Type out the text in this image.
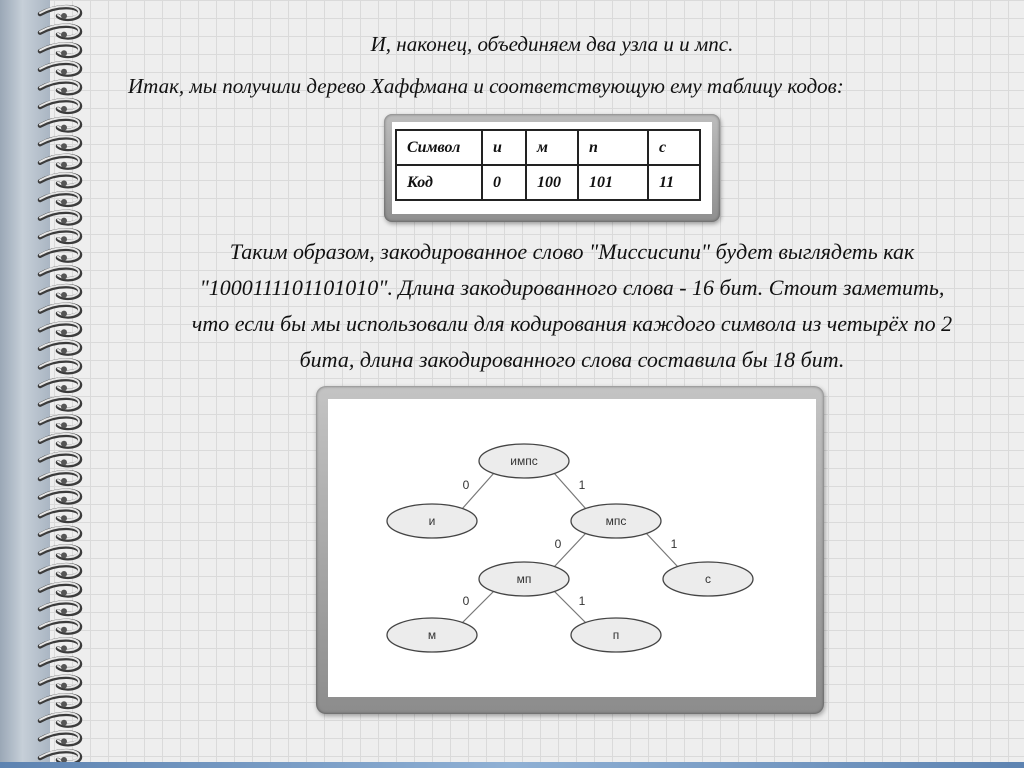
И, наконец, объединяем два узла и и мпс.

Итак, мы получили дерево Хаффмана и соответствующую ему таблицу кодов:

Символ	и	м	п	с
Код	0	100	101	11
Таким образом, закодированное слово "Миссисипи" будет выглядеть как
"1000111101101010". Длина закодированного слова - 16 бит. Стоит заметить,
что если бы мы использовали для кодирования каждого символа из четырёх по 2
бита, длина закодированного слова составила бы 18 бит.
0	1
0	1
0	1
импс
и	мпс
мп	с
м	п
